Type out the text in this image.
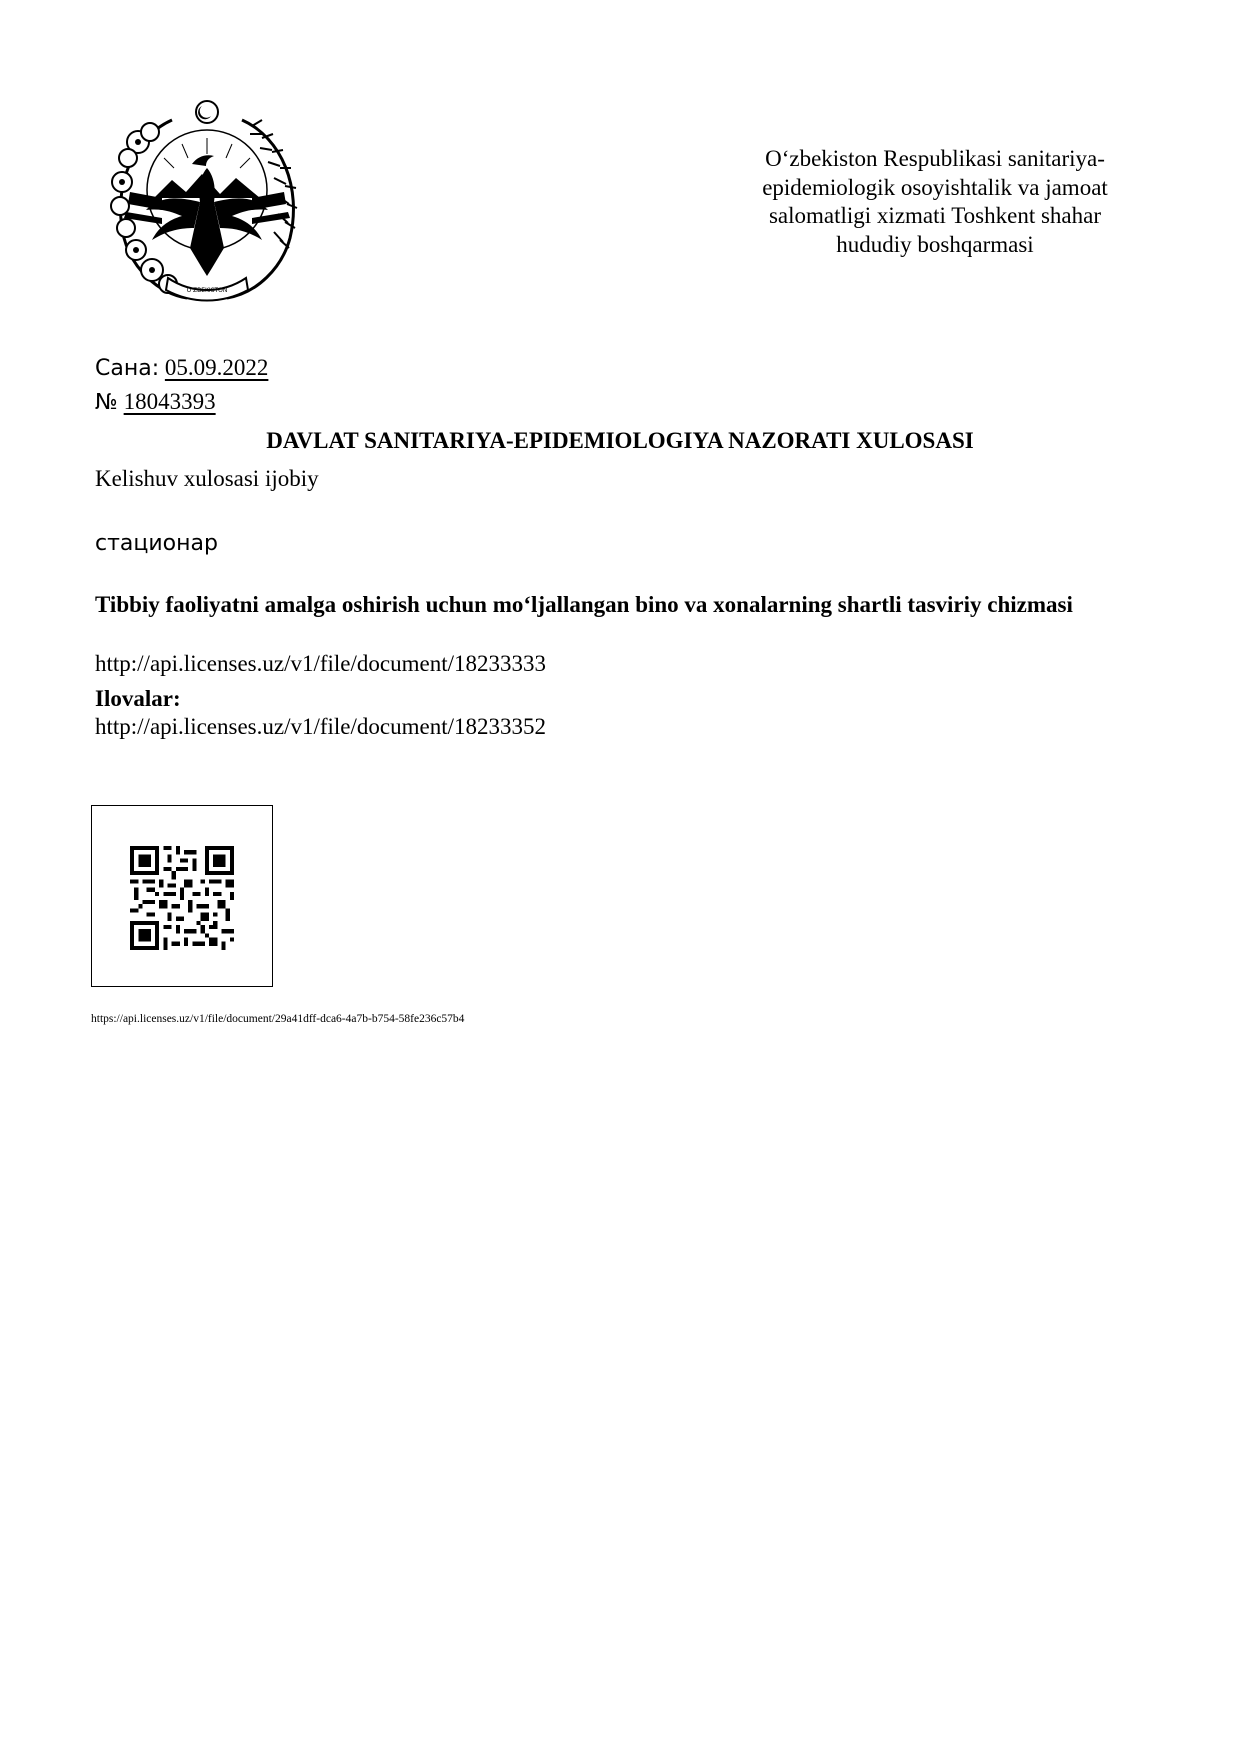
O'ZBEKISTON
O‘zbekiston Respublikasi sanitariya-
epidemiologik osoyishtalik va jamoat
salomatligi xizmati Toshkent shahar
hududiy boshqarmasi
Сана: 05.09.2022
№ 18043393
DAVLAT SANITARIYA-EPIDEMIOLOGIYA NAZORATI XULOSASI
Kelishuv xulosasi ijobiy
стационар
Tibbiy faoliyatni amalga oshirish uchun mo‘ljallangan bino va xonalarning shartli tasviriy chizmasi
http://api.licenses.uz/v1/file/document/18233333
Ilovalar:
http://api.licenses.uz/v1/file/document/18233352
https://api.licenses.uz/v1/file/document/29a41dff-dca6-4a7b-b754-58fe236c57b4
